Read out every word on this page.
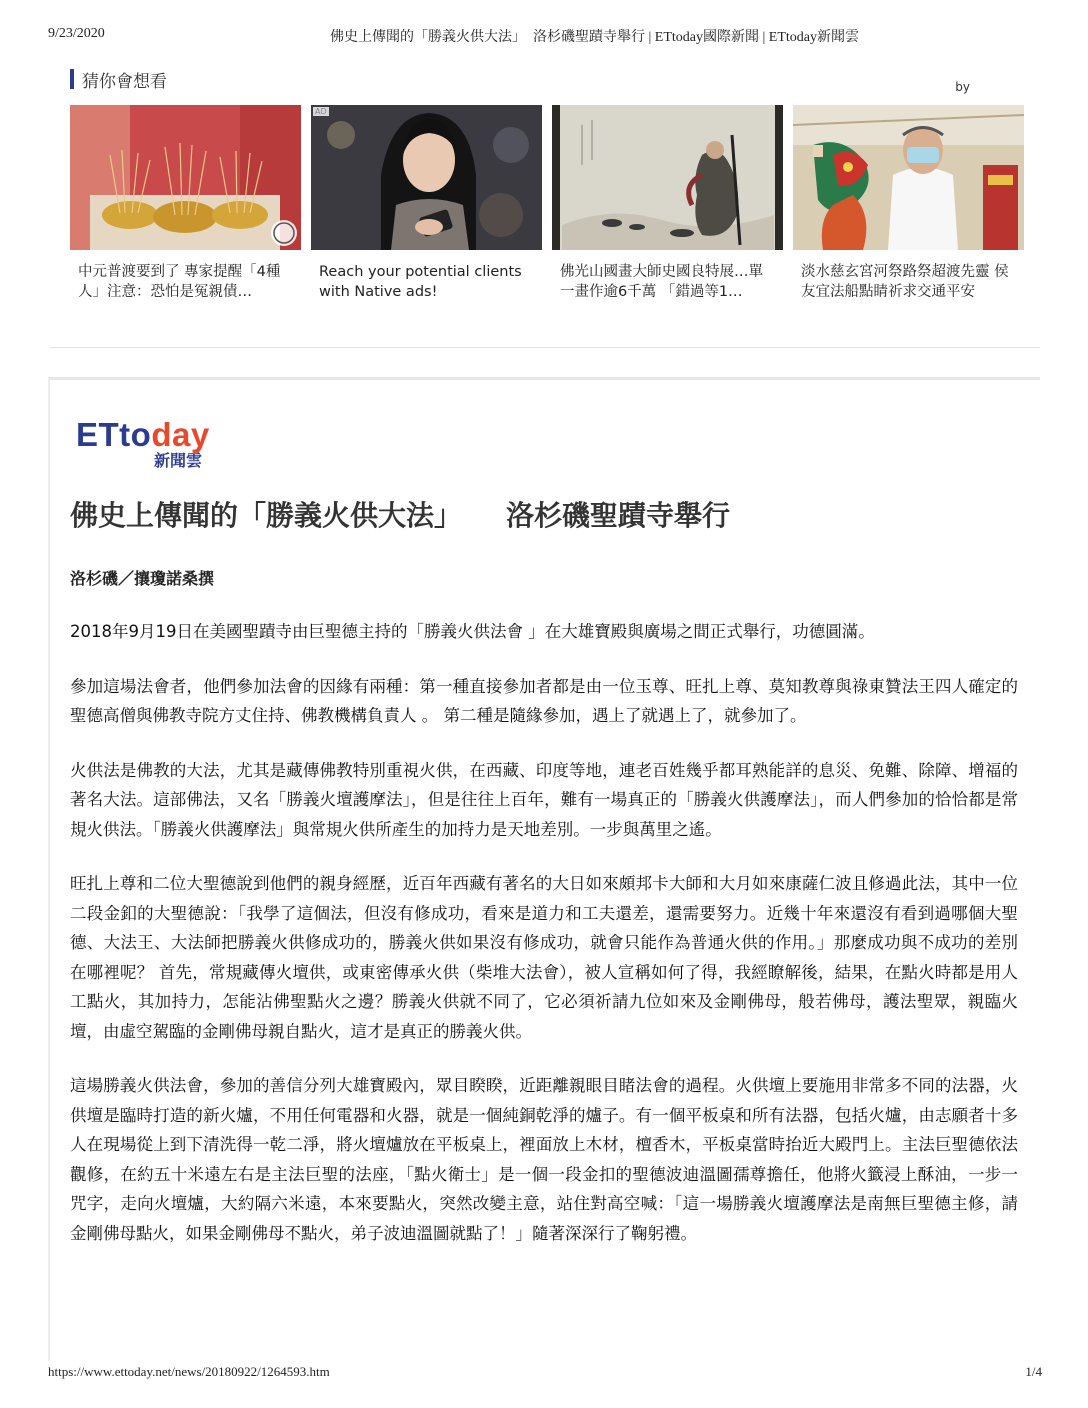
9/23/2020	佛史上傳聞的「勝義火供大法」　洛杉磯聖蹟寺舉行 | ETtoday國際新聞 | ETtoday新聞雲
猜你會想看	by
中元普渡要到了 專家提醒「4種人」注意：恐怕是冤親債…
AD
Reach your potential clients with Native ads!
佛光山國畫大師史國良特展…單一畫作逾6千萬 「錯過等1…
淡水慈玄宮河祭路祭超渡先靈 侯友宜法船點睛祈求交通平安
ETtoday
新聞雲
佛史上傳聞的「勝義火供大法」 洛杉磯聖蹟寺舉行
洛杉磯／攘瓊諾桑撰

2018年9月19日在美國聖蹟寺由巨聖德主持的「勝義火供法會 」在大雄寶殿與廣場之間正式舉行，功德圓滿。

參加這場法會者，他們參加法會的因緣有兩種：第一種直接參加者都是由一位玉尊、旺扎上尊、莫知教尊與祿東贊法王四人確定的聖德高僧與佛教寺院方丈住持、佛教機構負責人 。 第二種是隨緣參加，遇上了就遇上了，就參加了。

火供法是佛教的大法，尤其是藏傳佛教特別重視火供，在西藏、印度等地，連老百姓幾乎都耳熟能詳的息災、免難、除障、增福的著名大法。這部佛法，又名「勝義火壇護摩法」，但是往往上百年，難有一場真正的「勝義火供護摩法」，而人們參加的恰恰都是常規火供法。「勝義火供護摩法」與常規火供所產生的加持力是天地差別。一步與萬里之遙。

旺扎上尊和二位大聖德說到他們的親身經歷，近百年西藏有著名的大日如來頗邦卡大師和大月如來康薩仁波且修過此法，其中一位二段金釦的大聖德說：「我學了這個法，但沒有修成功，看來是道力和工夫還差，還需要努力。近幾十年來還沒有看到過哪個大聖德、大法王、大法師把勝義火供修成功的，勝義火供如果沒有修成功，就會只能作為普通火供的作用。」那麼成功與不成功的差別在哪裡呢？ 首先，常規藏傳火壇供，或東密傳承火供（柴堆大法會），被人宣稱如何了得，我經瞭解後，結果，在點火時都是用人工點火，其加持力，怎能沾佛聖點火之邊？勝義火供就不同了，它必須祈請九位如來及金剛佛母，般若佛母，護法聖眾，親臨火壇，由虛空駕臨的金剛佛母親自點火，這才是真正的勝義火供。

這場勝義火供法會，參加的善信分列大雄寶殿內，眾目睽睽，近距離親眼目睹法會的過程。火供壇上要施用非常多不同的法器，火供壇是臨時打造的新火爐，不用任何電器和火器，就是一個純銅乾淨的爐子。有一個平板桌和所有法器，包括火爐，由志願者十多人在現場從上到下清洗得一乾二淨，將火壇爐放在平板桌上，裡面放上木材，檀香木，平板桌當時抬近大殿門上。主法巨聖德依法觀修，在約五十米遠左右是主法巨聖的法座，「點火衛士」是一個一段金扣的聖德波迪溫圖孺尊擔任，他將火籤浸上酥油，一步一咒字，走向火壇爐，大約隔六米遠，本來要點火，突然改變主意，站住對高空喊：「這一場勝義火壇護摩法是南無巨聖德主修，請金剛佛母點火，如果金剛佛母不點火，弟子波迪溫圖就點了！」隨著深深行了鞠躬禮。

https://www.ettoday.net/news/20180922/1264593.htm	1/4
